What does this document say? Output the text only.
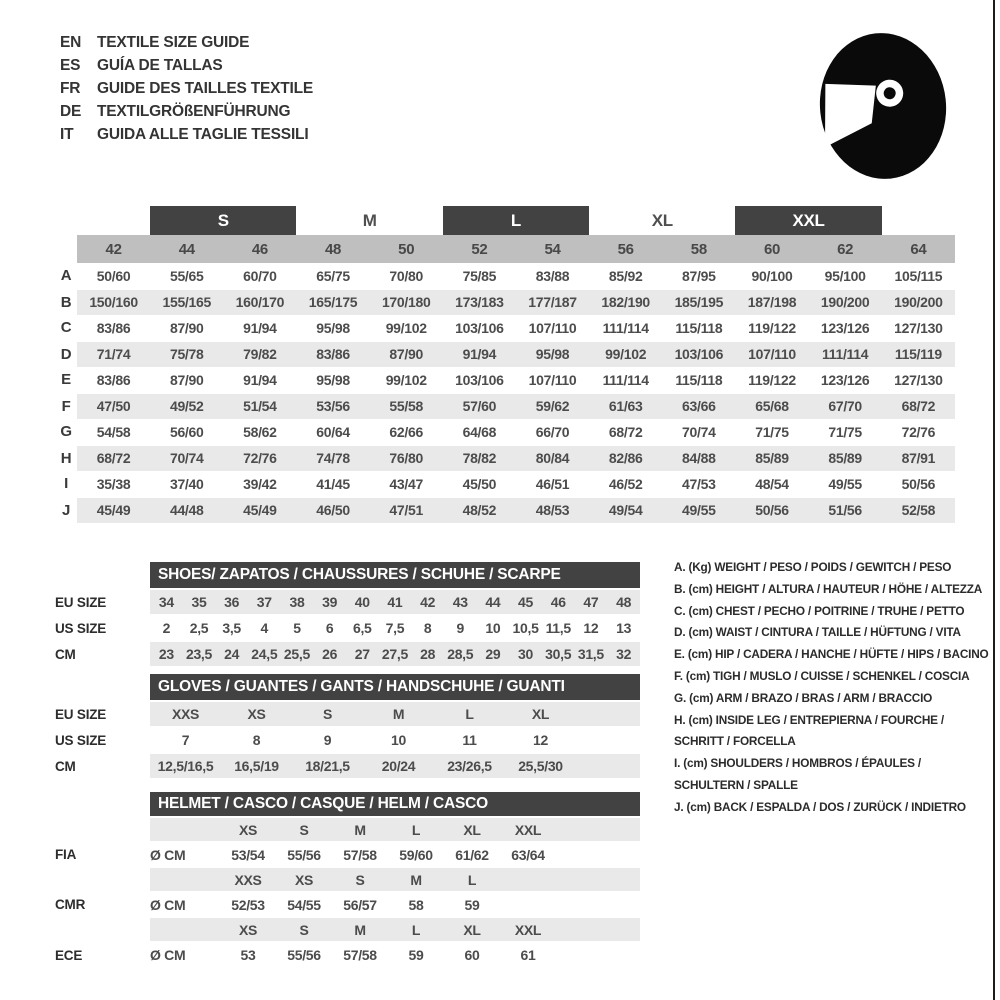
EN	TEXTILE SIZE GUIDE
ES	GUÍA DE TALLAS
FR	GUIDE DES TAILLES TEXTILE
DE	TEXTILGRÖßENFÜHRUNG
IT	GUIDA ALLE TAGLIE TESSILI
		S		M		L		XL		XXL		
	42	44	46	48	50	52	54	56	58	60	62	64
A	50/60	55/65	60/70	65/75	70/80	75/85	83/88	85/92	87/95	90/100	95/100	105/115
B	150/160	155/165	160/170	165/175	170/180	173/183	177/187	182/190	185/195	187/198	190/200	190/200
C	83/86	87/90	91/94	95/98	99/102	103/106	107/110	111/114	115/118	119/122	123/126	127/130
D	71/74	75/78	79/82	83/86	87/90	91/94	95/98	99/102	103/106	107/110	111/114	115/119
E	83/86	87/90	91/94	95/98	99/102	103/106	107/110	111/114	115/118	119/122	123/126	127/130
F	47/50	49/52	51/54	53/56	55/58	57/60	59/62	61/63	63/66	65/68	67/70	68/72
G	54/58	56/60	58/62	60/64	62/66	64/68	66/70	68/72	70/74	71/75	71/75	72/76
H	68/72	70/74	72/76	74/78	76/80	78/82	80/84	82/86	84/88	85/89	85/89	87/91
I	35/38	37/40	39/42	41/45	43/47	45/50	46/51	46/52	47/53	48/54	49/55	50/56
J	45/49	44/48	45/49	46/50	47/51	48/52	48/53	49/54	49/55	50/56	51/56	52/58
	SHOES/ ZAPATOS / CHAUSSURES / SCHUHE / SCARPE														
EU SIZE	34	35	36	37	38	39	40	41	42	43	44	45	46	47	48
US SIZE	2	2,5	3,5	4	5	6	6,5	7,5	8	9	10	10,5	11,5	12	13
CM	23	23,5	24	24,5	25,5	26	27	27,5	28	28,5	29	30	30,5	31,5	32
	GLOVES / GUANTES / GANTS / HANDSCHUHE / GUANTI						
EU SIZE	XXS	XS	S	M	L	XL	
US SIZE	7	8	9	10	11	12	
CM	12,5/16,5	16,5/19	18/21,5	20/24	23/26,5	25,5/30	
	HELMET / CASCO / CASQUE / HELM / CASCO							
		XS	S	M	L	XL	XXL	
FIA	Ø CM	53/54	55/56	57/58	59/60	61/62	63/64	
		XXS	XS	S	M	L		
CMR	Ø CM	52/53	54/55	56/57	58	59		
		XS	S	M	L	XL	XXL	
ECE	Ø CM	53	55/56	57/58	59	60	61	
A. (Kg) WEIGHT / PESO / POIDS / GEWITCH / PESO
B. (cm) HEIGHT / ALTURA / HAUTEUR / HÖHE / ALTEZZA
C. (cm) CHEST / PECHO / POITRINE / TRUHE / PETTO
D. (cm) WAIST / CINTURA / TAILLE / HÜFTUNG / VITA
E. (cm) HIP / CADERA / HANCHE / HÜFTE / HIPS / BACINO
F. (cm) TIGH / MUSLO / CUISSE / SCHENKEL / COSCIA
G. (cm) ARM / BRAZO / BRAS / ARM / BRACCIO
H. (cm) INSIDE LEG / ENTREPIERNA / FOURCHE / SCHRITT / FORCELLA
I. (cm) SHOULDERS / HOMBROS / ÉPAULES / SCHULTERN / SPALLE
J. (cm) BACK / ESPALDA / DOS / ZURÜCK / INDIETRO
